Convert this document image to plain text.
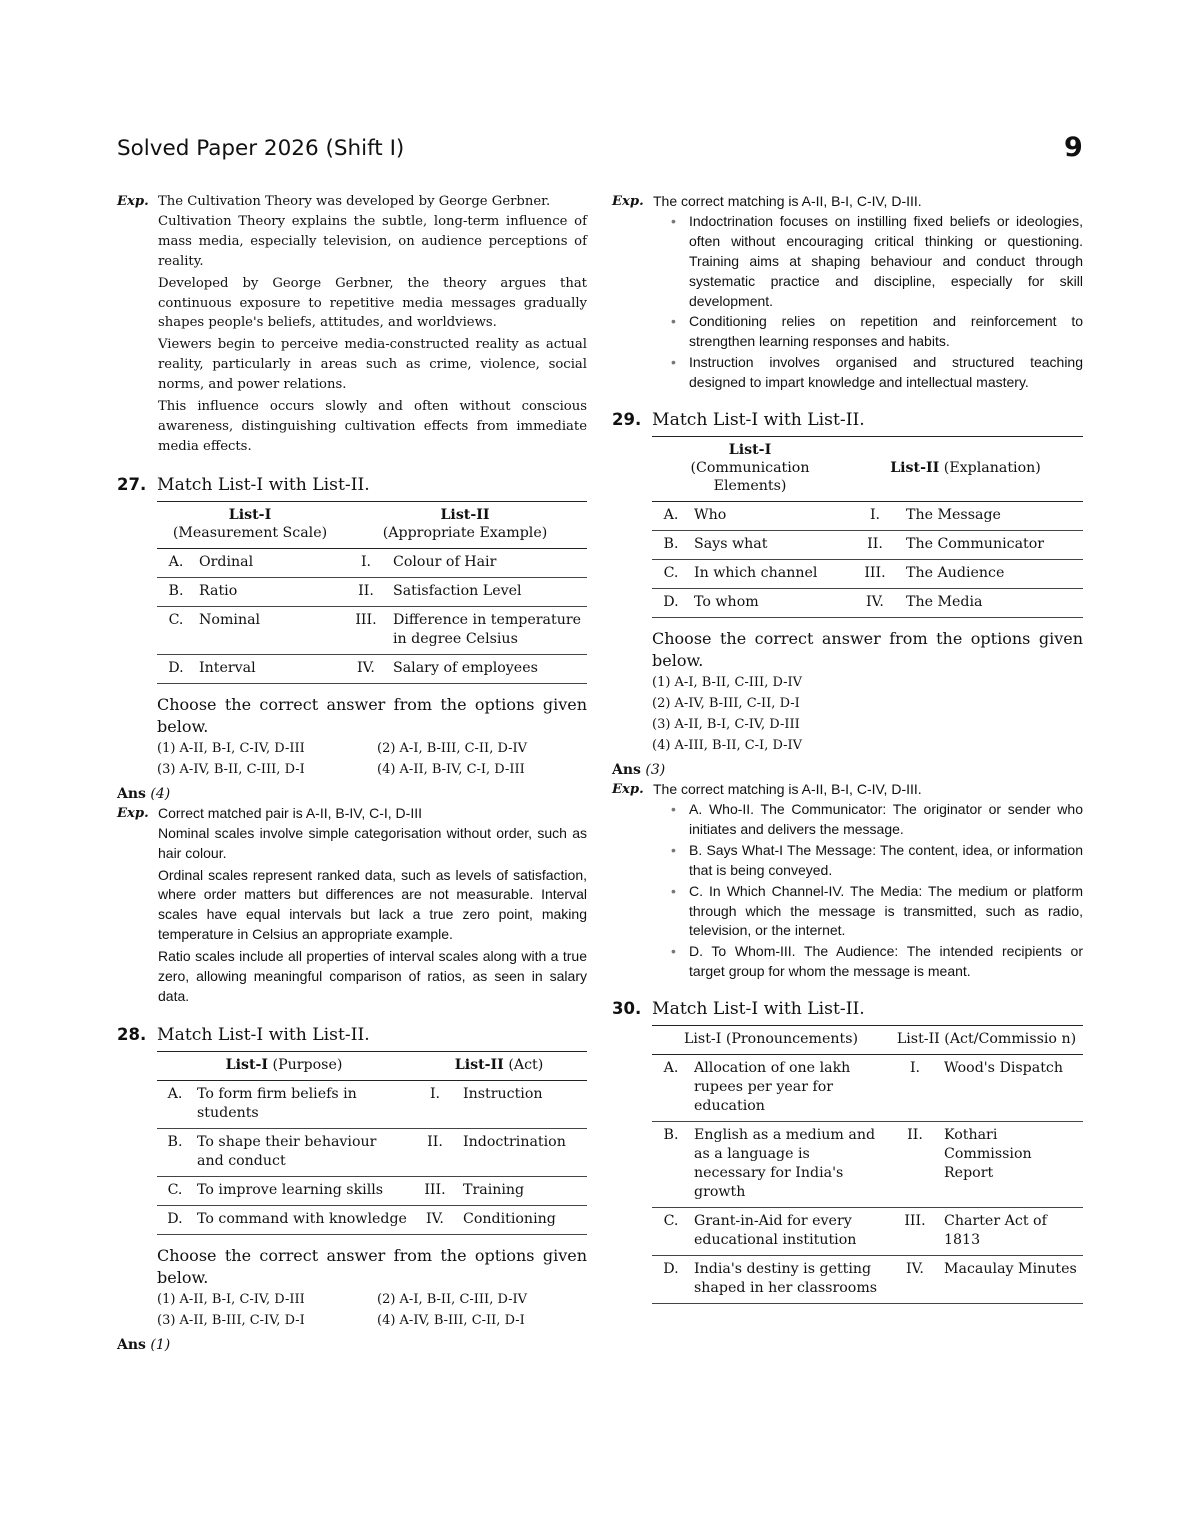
Solved Paper 2026 (Shift I)	9
Exp. The Cultivation Theory was developed by George Gerbner.

Cultivation Theory explains the subtle, long-term influence of mass media, especially television, on audience perceptions of reality.

Developed by George Gerbner, the theory argues that continuous exposure to repetitive media messages gradually shapes people's beliefs, attitudes, and worldviews.

Viewers begin to perceive media-constructed reality as actual reality, particularly in areas such as crime, violence, social norms, and power relations.

This influence occurs slowly and often without conscious awareness, distinguishing cultivation effects from immediate media effects.

27. Match List-I with List-II.
List-I
(Measurement Scale)		List-II
(Appropriate Example)	
A.	Ordinal	I.	Colour of Hair
B.	Ratio	II.	Satisfaction Level
C.	Nominal	III.	Difference in temperature in degree Celsius
D.	Interval	IV.	Salary of employees
Choose the correct answer from the options given below.
(1) A-II, B-I, C-IV, D-III	(2) A-I, B-III, C-II, D-IV
(3) A-IV, B-II, C-III, D-I	(4) A-II, B-IV, C-I, D-III
Ans (4)
Exp. Correct matched pair is A-II, B-IV, C-I, D-III

Nominal scales involve simple categorisation without order, such as hair colour.

Ordinal scales represent ranked data, such as levels of satisfaction, where order matters but differences are not measurable. Interval scales have equal intervals but lack a true zero point, making temperature in Celsius an appropriate example.

Ratio scales include all properties of interval scales along with a true zero, allowing meaningful comparison of ratios, as seen in salary data.

28. Match List-I with List-II.
List-I (Purpose)		List-II (Act)	
A.	To form firm beliefs in students	I.	Instruction
B.	To shape their behaviour and conduct	II.	Indoctrination
C.	To improve learning skills	III.	Training
D.	To command with knowledge	IV.	Conditioning
Choose the correct answer from the options given below.
(1) A-II, B-I, C-IV, D-III	(2) A-I, B-II, C-III, D-IV
(3) A-II, B-III, C-IV, D-I	(4) A-IV, B-III, C-II, D-I
Ans (1)
Exp. The correct matching is A-II, B-I, C-IV, D-III.

• Indoctrination focuses on instilling fixed beliefs or ideologies, often without encouraging critical thinking or questioning. Training aims at shaping behaviour and conduct through systematic practice and discipline, especially for skill development.
• Conditioning relies on repetition and reinforcement to strengthen learning responses and habits.
• Instruction involves organised and structured teaching designed to impart knowledge and intellectual mastery.
29. Match List-I with List-II.
List-I
(Communication Elements)		List-II (Explanation)	
A.	Who	I.	The Message
B.	Says what	II.	The Communicator
C.	In which channel	III.	The Audience
D.	To whom	IV.	The Media
Choose the correct answer from the options given below.
(1) A-I, B-II, C-III, D-IV
(2) A-IV, B-III, C-II, D-I
(3) A-II, B-I, C-IV, D-III
(4) A-III, B-II, C-I, D-IV
Ans (3)
Exp. The correct matching is A-II, B-I, C-IV, D-III.

• A. Who-II. The Communicator: The originator or sender who initiates and delivers the message.
• B. Says What-I The Message: The content, idea, or information that is being conveyed.
• C. In Which Channel-IV. The Media: The medium or platform through which the message is transmitted, such as radio, television, or the internet.
• D. To Whom-III. The Audience: The intended recipients or target group for whom the message is meant.
30. Match List-I with List-II.
List-I (Pronouncements)		List-II (Act/Commissio n)	
A.	Allocation of one lakh rupees per year for education	I.	Wood's Dispatch
B.	English as a medium and as a language is necessary for India's growth	II.	Kothari Commission Report
C.	Grant-in-Aid for every educational institution	III.	Charter Act of 1813
D.	India's destiny is getting shaped in her classrooms	IV.	Macaulay Minutes
